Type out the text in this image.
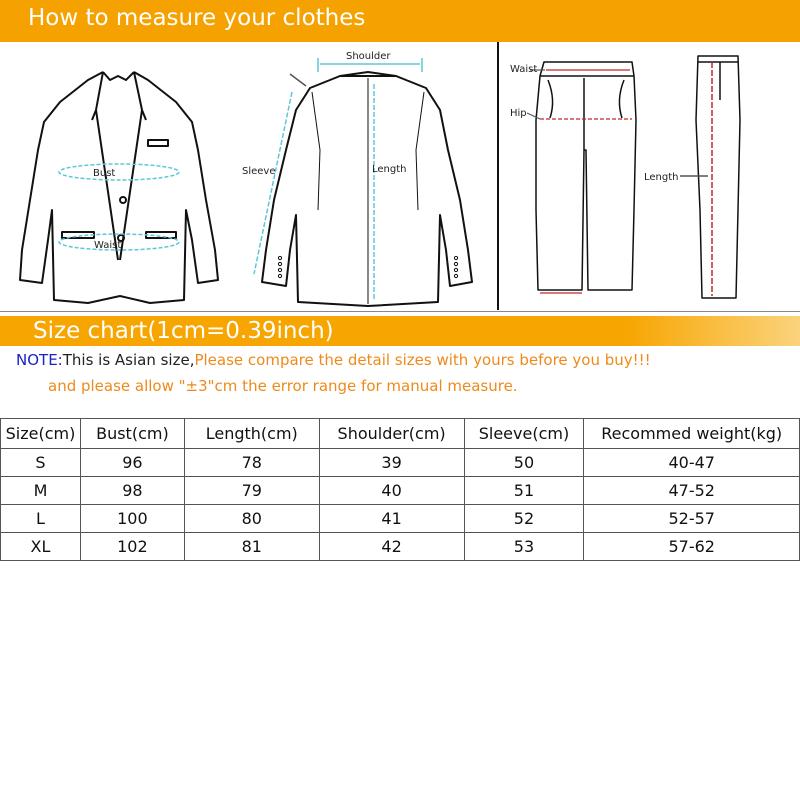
How to measure your clothes
Bust
Waist
Shoulder
Sleeve	Length
Waist
Hip
Length
Size chart(1cm=0.39inch)
NOTE:This is Asian size,Please compare the detail sizes with yours before you buy!!!
and please allow "±3"cm the error range for manual measure.
Size(cm)	Bust(cm)	Length(cm)	Shoulder(cm)	Sleeve(cm)	Recommed weight(kg)
S	96	78	39	50	40-47
M	98	79	40	51	47-52
L	100	80	41	52	52-57
XL	102	81	42	53	57-62
